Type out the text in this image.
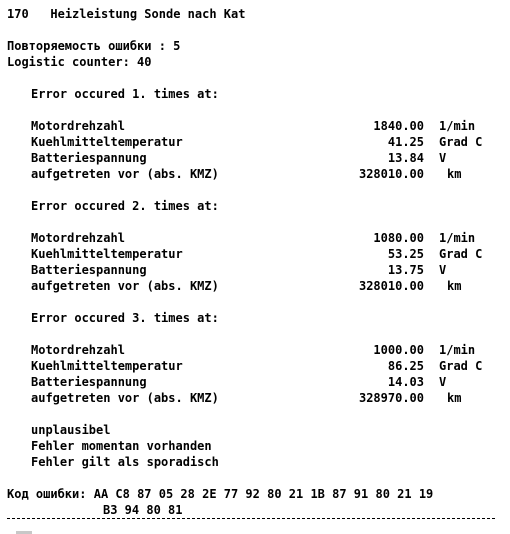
170 Heizleistung Sonde nach Kat
Повторяемость ошибки : 5
Logistic counter: 40
Error occured 1. times at:
Motordrehzahl	1840.00 1/min
Kuehlmitteltemperatur	41.25 Grad C
Batteriespannung	13.84 V
aufgetreten vor (abs. KMZ)	328010.00 km
Error occured 2. times at:
Motordrehzahl	1080.00 1/min
Kuehlmitteltemperatur	53.25 Grad C
Batteriespannung	13.75 V
aufgetreten vor (abs. KMZ)	328010.00 km
Error occured 3. times at:
Motordrehzahl	1000.00 1/min
Kuehlmitteltemperatur	86.25 Grad C
Batteriespannung	14.03 V
aufgetreten vor (abs. KMZ)	328970.00 km
unplausibel
Fehler momentan vorhanden
Fehler gilt als sporadisch
Код ошибки: AA C8 87 05 28 2E 77 92 80 21 1B 87 91 80 21 19
B3 94 80 81
